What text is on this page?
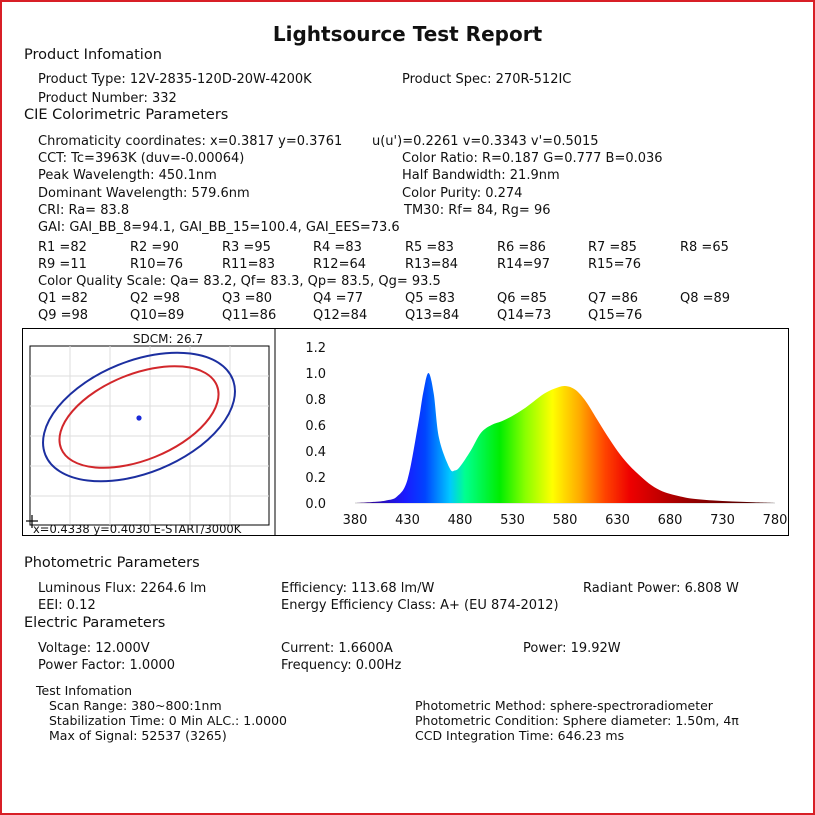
Lightsource Test Report
Product Infomation
Product Type: 12V-2835-120D-20W-4200K	Product Spec: 270R-512IC
Product Number: 332
CIE Colorimetric Parameters
Chromaticity coordinates: x=0.3817 y=0.3761 u(u')=0.2261 v=0.3343 v'=0.5015
CCT: Tc=3963K (duv=-0.00064)	Color Ratio: R=0.187 G=0.777 B=0.036
Peak Wavelength: 450.1nm	Half Bandwidth: 21.9nm
Dominant Wavelength: 579.6nm	Color Purity: 0.274
CRI: Ra= 83.8	TM30: Rf= 84, Rg= 96
GAI: GAI_BB_8=94.1, GAI_BB_15=100.4, GAI_EES=73.6
R1 =82	R2 =90	R3 =95	R4 =83	R5 =83	R6 =86	R7 =85	R8 =65
R9 =11	R10=76	R11=83	R12=64	R13=84	R14=97	R15=76
Color Quality Scale: Qa= 83.2, Qf= 83.3, Qp= 83.5, Qg= 93.5
Q1 =82	Q2 =98	Q3 =80	Q4 =77	Q5 =83	Q6 =85	Q7 =86	Q8 =89
Q9 =98	Q10=89	Q11=86	Q12=84	Q13=84	Q14=73	Q15=76
SDCM: 26.7
x=0.4338 y=0.4030 E-START/3000K
1.2
1.0
0.8
0.6
0.4
0.2
0.0
380 430 480 530 580 630 680 730 780
Photometric Parameters
Luminous Flux: 2264.6 lm	Efficiency: 113.68 lm/W	Radiant Power: 6.808 W
EEI: 0.12	Energy Efficiency Class: A+ (EU 874-2012)
Electric Parameters
Voltage: 12.000V	Current: 1.6600A	Power: 19.92W
Power Factor: 1.0000	Frequency: 0.00Hz
Test Infomation
Scan Range: 380~800:1nm
Stabilization Time: 0 Min ALC.: 1.0000
Max of Signal: 52537 (3265)
Photometric Method: sphere-spectroradiometer
Photometric Condition: Sphere diameter: 1.50m, 4π
CCD Integration Time: 646.23 ms
